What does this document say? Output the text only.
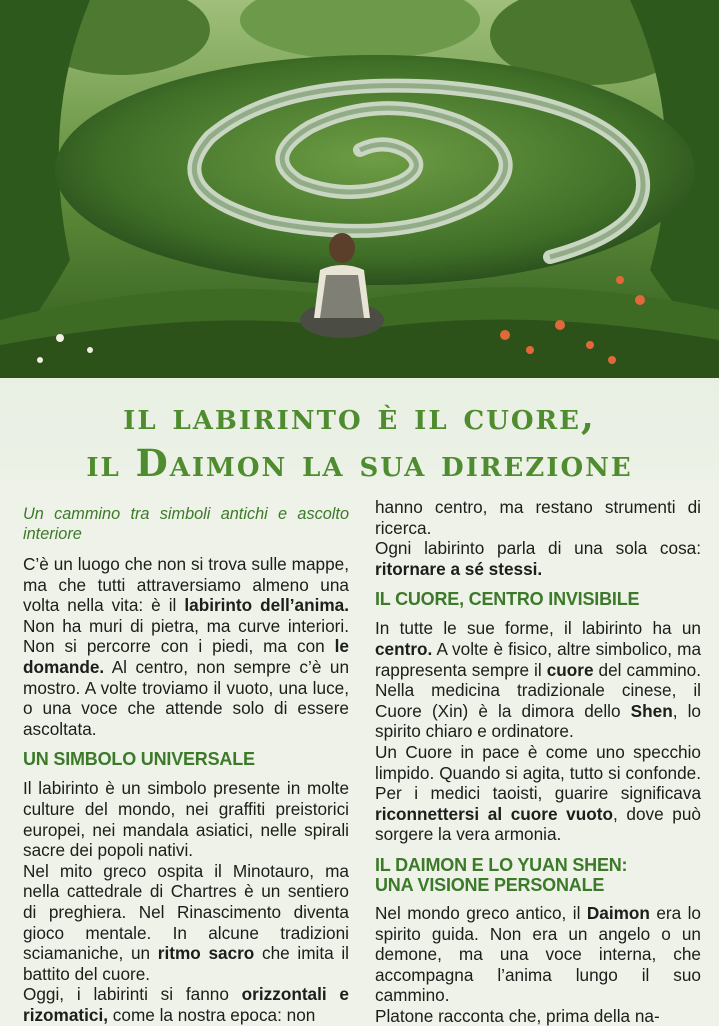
il labirinto è il cuore,
il Daimon la sua direzione

Un cammino tra simboli antichi e ascolto interiore

C’è un luogo che non si trova sulle mappe, ma che tutti attraversiamo almeno una volta nella vita: è il labirinto dell’anima. Non ha muri di pietra, ma curve interiori. Non si percorre con i piedi, ma con le domande. Al centro, non sempre c’è un mostro. A volte troviamo il vuoto, una luce, o una voce che attende solo di essere ascoltata.

UN SIMBOLO UNIVERSALE

Il labirinto è un simbolo presente in molte culture del mondo, nei graffiti preistorici europei, nei mandala asiatici, nelle spirali sacre dei popoli nativi.

Nel mito greco ospita il Minotauro, ma nella cattedrale di Chartres è un sentiero di preghiera. Nel Rinascimento diventa gioco mentale. In alcune tradizioni sciamaniche, un ritmo sacro che imita il battito del cuore.

Oggi, i labirinti si fanno orizzontali e rizomatici, come la nostra epoca: non

hanno centro, ma restano strumenti di ricerca.

Ogni labirinto parla di una sola cosa: ritornare a sé stessi.

IL CUORE, CENTRO INVISIBILE

In tutte le sue forme, il labirinto ha un centro. A volte è fisico, altre simbolico, ma rappresenta sempre il cuore del cammino. Nella medicina tradizionale cinese, il Cuore (Xin) è la dimora dello Shen, lo spirito chiaro e ordinatore.

Un Cuore in pace è come uno specchio limpido. Quando si agita, tutto si confonde. Per i medici taoisti, guarire significava riconnettersi al cuore vuoto, dove può sorgere la vera armonia.

IL DAIMON E LO YUAN SHEN:
UNA VISIONE PERSONALE

Nel mondo greco antico, il Daimon era lo spirito guida. Non era un angelo o un demone, ma una voce interna, che accompagna l’anima lungo il suo cammino.

Platone racconta che, prima della na-
